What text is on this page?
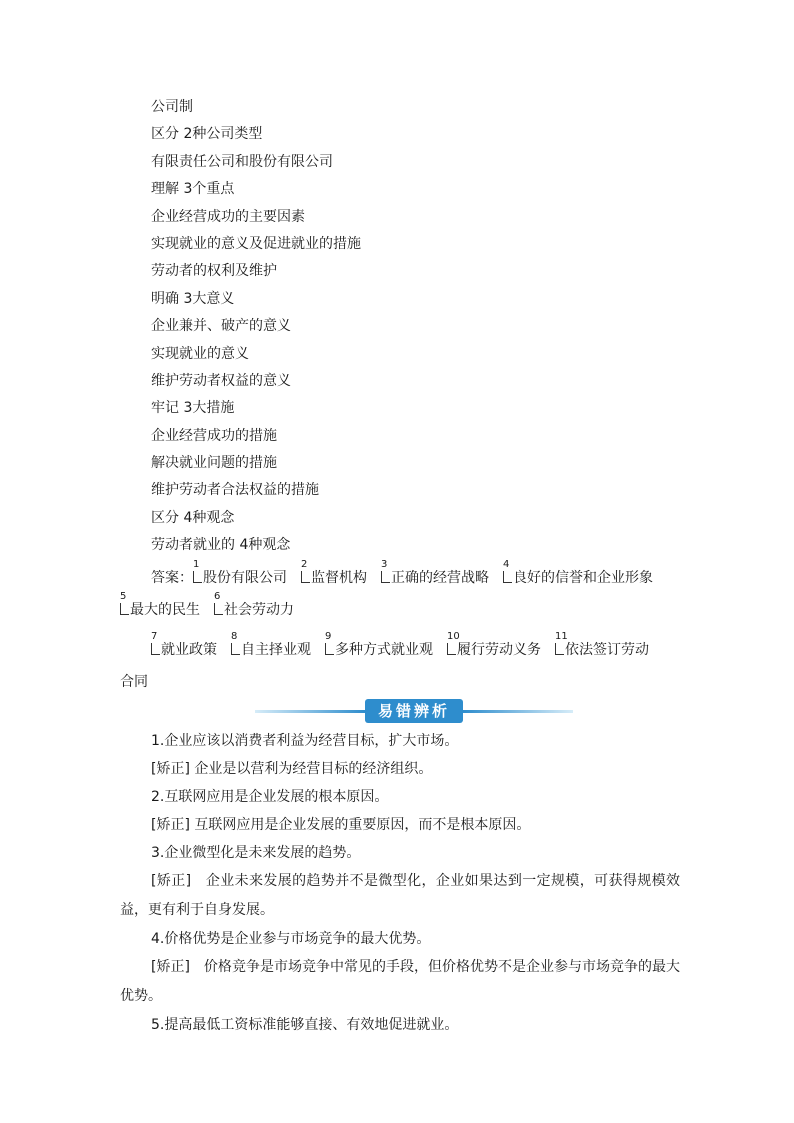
公司制
区分 2种公司类型
有限责任公司和股份有限公司
理解 3个重点
企业经营成功的主要因素
实现就业的意义及促进就业的措施
劳动者的权利及维护
明确 3大意义
企业兼并、破产的意义
实现就业的意义
维护劳动者权益的意义
牢记 3大措施
企业经营成功的措施
解决就业问题的措施
维护劳动者合法权益的措施
区分 4种观念
劳动者就业的 4种观念
答案：
1
股份有限公司
2
监督机构
3
正确的经营战略
4
良好的信誉和企业形象
5
最大的民生
6
社会劳动力
7
就业政策
8
自主择业观
9
多种方式就业观
10
履行劳动义务
11
依法签订劳动
合同
易错辨析
1.企业应该以消费者利益为经营目标，扩大市场。
[矫正] 企业是以营利为经营目标的经济组织。
2.互联网应用是企业发展的根本原因。
[矫正] 互联网应用是企业发展的重要原因，而不是根本原因。
3.企业微型化是未来发展的趋势。
[矫正]　企业未来发展的趋势并不是微型化，企业如果达到一定规模，可获得规模效益，更有利于自身发展。
4.价格优势是企业参与市场竞争的最大优势。
[矫正]　价格竞争是市场竞争中常见的手段，但价格优势不是企业参与市场竞争的最大优势。
5.提高最低工资标准能够直接、有效地促进就业。
